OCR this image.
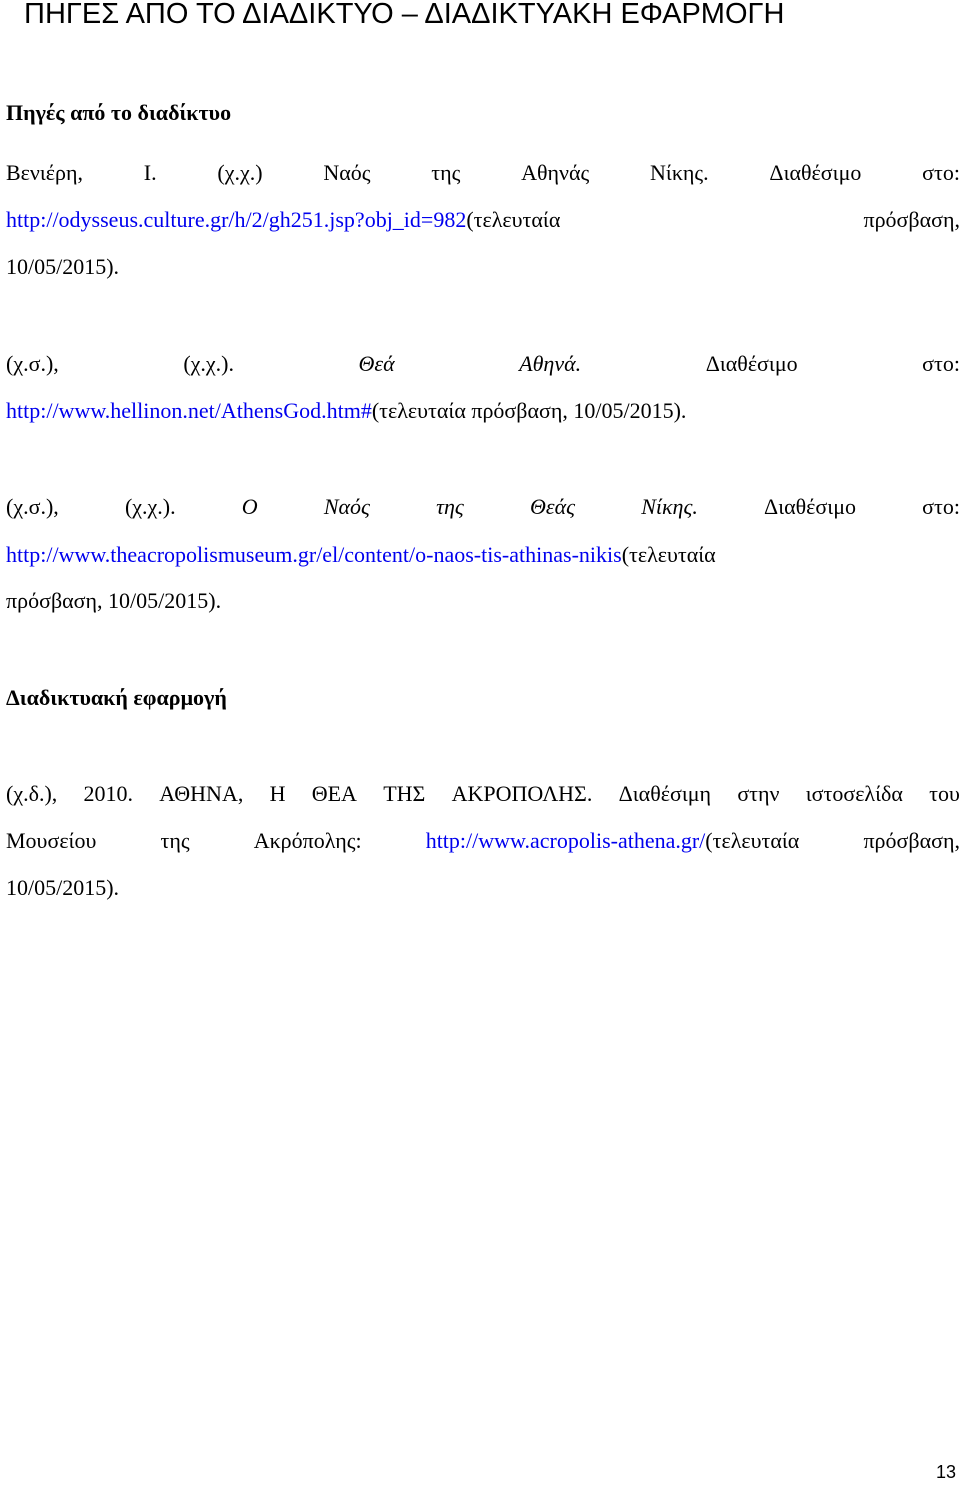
ΠΗΓΕΣ ΑΠΟ ΤΟ ΔΙΑΔΙΚΤΥΟ – ΔΙΑΔΙΚΤΥΑΚΗ ΕΦΑΡΜΟΓΗ
Πηγές από το διαδίκτυο
Βενιέρη,	Ι.	(χ.χ.)	Ναός	της	Αθηνάς	Νίκης.	Διαθέσιμο	στο:
http://odysseus.culture.gr/h/2/gh251.jsp?obj_id=982(τελευταία	πρόσβαση,
10/05/2015).
(χ.σ.),	(χ.χ.).	Θεά	Αθηνά.	Διαθέσιμο	στο:
http://www.hellinon.net/AthensGod.htm#(τελευταία πρόσβαση, 10/05/2015).
(χ.σ.),	(χ.χ.).	Ο	Ναός	της	Θεάς	Νίκης.	Διαθέσιμο	στο:
http://www.theacropolismuseum.gr/el/content/o-naos-tis-athinas-nikis(τελευταία
πρόσβαση, 10/05/2015).
Διαδικτυακή εφαρμογή
(χ.δ.), 2010. ΑΘΗΝΑ, Η ΘΕΑ ΤΗΣ ΑΚΡΟΠΟΛΗΣ. Διαθέσιμη στην ιστοσελίδα του
Μουσείου	της	Ακρόπολης:	http://www.acropolis-athena.gr/(τελευταία	πρόσβαση,
10/05/2015).
13
